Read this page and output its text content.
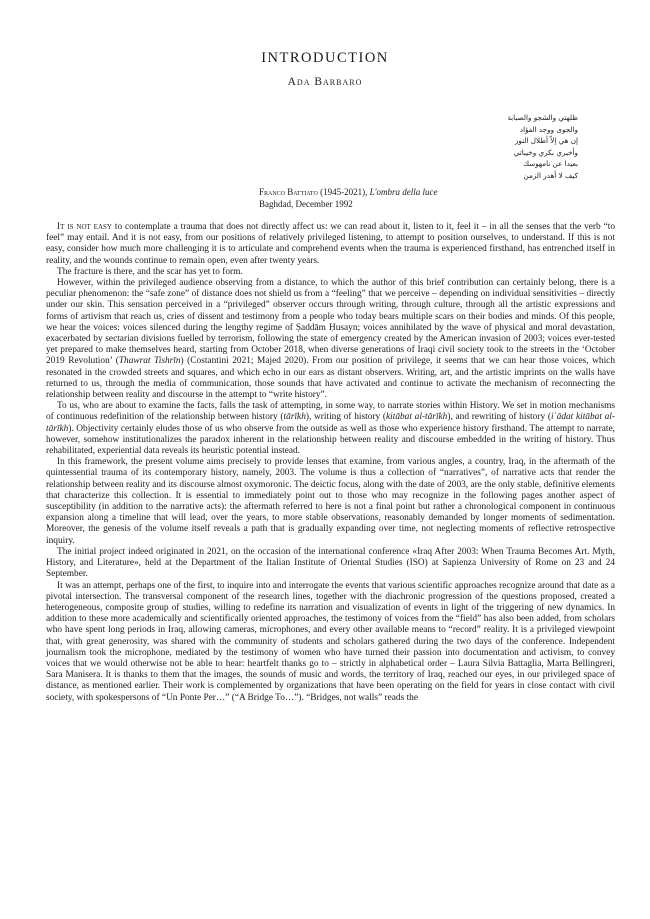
INTRODUCTION
Ada Barbaro
ظلهتي والشجو والصبابة
والجوى ووجد الفؤاد
إن هي إلاّ أطلال النور
وأخيري بكري وخيباتي
بعيدا عن نامهوسك
كيف لا أهدر الزمن
Franco Battiato (1945-2021), L'ombra della luce
Baghdad, December 1992

It is not easy to contemplate a trauma that does not directly affect us: we can read about it, listen to it, feel it – in all the senses that the verb “to feel” may entail. And it is not easy, from our positions of relatively privileged listening, to attempt to position ourselves, to understand. If this is not easy, consider how much more challenging it is to articulate and comprehend events when the trauma is experienced firsthand, has entrenched itself in reality, and the wounds continue to remain open, even after twenty years.

The fracture is there, and the scar has yet to form.

However, within the privileged audience observing from a distance, to which the author of this brief contribution can certainly belong, there is a peculiar phenomenon: the “safe zone” of distance does not shield us from a “feeling” that we perceive – depending on individual sensitivities – directly under our skin. This sensation perceived in a “privileged” observer occurs through writing, through culture, through all the artistic expressions and forms of artivism that reach us, cries of dissent and testimony from a people who today bears multiple scars on their bodies and minds. Of this people, we hear the voices: voices silenced during the lengthy regime of Ṣaddām Ḥusayn; voices annihilated by the wave of physical and moral devastation, exacerbated by sectarian divisions fuelled by terrorism, following the state of emergency created by the American invasion of 2003; voices ever-tested yet prepared to make themselves heard, starting from October 2018, when diverse generations of Iraqi civil society took to the streets in the ‘October 2019 Revolution’ (Thawrat Tishrīn) (Costantini 2021; Majed 2020). From our position of privilege, it seems that we can hear those voices, which resonated in the crowded streets and squares, and which echo in our ears as distant observers. Writing, art, and the artistic imprints on the walls have returned to us, through the media of communication, those sounds that have activated and continue to activate the mechanism of reconnecting the relationship between reality and discourse in the attempt to “write history”.

To us, who are about to examine the facts, falls the task of attempting, in some way, to narrate stories within History. We set in motion mechanisms of continuous redefinition of the relationship between history (tārīkh), writing of history (kitābat al-tārīkh), and rewriting of history (iʿādat kitābat al-tārīkh). Objectivity certainly eludes those of us who observe from the outside as well as those who experience history firsthand. The attempt to narrate, however, somehow institutionalizes the paradox inherent in the relationship between reality and discourse embedded in the writing of history. Thus rehabilitated, experiential data reveals its heuristic potential instead.

In this framework, the present volume aims precisely to provide lenses that examine, from various angles, a country, Iraq, in the aftermath of the quintessential trauma of its contemporary history, namely, 2003. The volume is thus a collection of “narratives”, of narrative acts that render the relationship between reality and its discourse almost oxymoronic. The deictic focus, along with the date of 2003, are the only stable, definitive elements that characterize this collection. It is essential to immediately point out to those who may recognize in the following pages another aspect of susceptibility (in addition to the narrative acts): the aftermath referred to here is not a final point but rather a chronological component in continuous expansion along a timeline that will lead, over the years, to more stable observations, reasonably demanded by longer moments of sedimentation. Moreover, the genesis of the volume itself reveals a path that is gradually expanding over time, not neglecting moments of reflective retrospective inquiry.

The initial project indeed originated in 2021, on the occasion of the international conference «Iraq After 2003: When Trauma Becomes Art. Myth, History, and Literature», held at the Department of the Italian Institute of Oriental Studies (ISO) at Sapienza University of Rome on 23 and 24 September.

It was an attempt, perhaps one of the first, to inquire into and interrogate the events that various scientific approaches recognize around that date as a pivotal intersection. The transversal component of the research lines, together with the diachronic progression of the questions proposed, created a heterogeneous, composite group of studies, willing to redefine its narration and visualization of events in light of the triggering of new dynamics. In addition to these more academically and scientifically oriented approaches, the testimony of voices from the “field” has also been added, from scholars who have spent long periods in Iraq, allowing cameras, microphones, and every other available means to “record” reality. It is a privileged viewpoint that, with great generosity, was shared with the community of students and scholars gathered during the two days of the conference. Independent journalism took the microphone, mediated by the testimony of women who have turned their passion into documentation and activism, to convey voices that we would otherwise not be able to hear: heartfelt thanks go to – strictly in alphabetical order – Laura Silvia Battaglia, Marta Bellingreri, Sara Manisera. It is thanks to them that the images, the sounds of music and words, the territory of Iraq, reached our eyes, in our privileged space of distance, as mentioned earlier. Their work is complemented by organizations that have been operating on the field for years in close contact with civil society, with spokespersons of “Un Ponte Per…” (“A Bridge To…”). “Bridges, not walls” reads the
